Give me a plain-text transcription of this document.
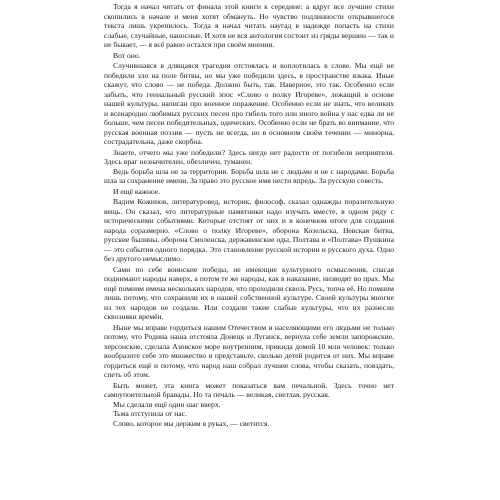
Тогда я начал читать от финала этой книги к середине: а вдруг все лучшие стихи скопились в начале и меня хотят обмануть. Но чувство подлинности открывшегося текста лишь укрепилось. Тогда я начал читать наугад в надежде попасть на стихи слабые, случайные, наносные. И хотя не вся антология состоит из гряды вершин — так и не бывает, — я всё равно остался при своём мнении.

Вот оно.

Случившаяся в длящаяся трагедия отстоялась и воплотилась в слове. Мы ещё не победили зло на поле битвы, но мы уже победили здесь, в пространстве языка. Иные скажут, что слово — не победа. Должно быть, так. Наверное, это так. Особенно если забыть, что гениальный русский эпос «Слово о полку Игореве», лежащий в основе нашей культуры, написан про военное поражение. Особенно если не знать, что великих и всенародно любимых русских песен про гибель того или иного война у нас едва ли не больше, чем песен победительных, одических. Особенно если не брать во внимание, что русская военная поэзия — пусть не всегда, но в основном своём течении — минорна, сострадательна, даже скорбна.

Знаете, отчего мы уже победили? Здесь нигде нет радости от погибели неприятеля. Здесь враг незначителен, обезличен, туманен.

Ведь борьба шла не за территории. Борьба шла не с людьми и не с народами. Борьба шла за сохранение имени. За право это русское имя нести впредь. За русскую совесть.

И ещё важное.

Вадим Кожинов, литературовед, историк, философ, сказал однажды поразительную вещь. Он сказал, что литературные памятники надо изучать вместе, в одном ряду с историческими событиями. Которые отстоят от них и в конечном итоге для создания народа соразмерно. «Слово о полку Игореве», оборона Козельска, Невская битва, русские былины, оборона Смоленска, державинские оды, Полтава и «Полтава» Пушкина — это события одного порядка. Это становление русской истории и русского духа. Одно без другого немыслимо.

Сами по себе воинские победы, не имеющие культурного осмысления, спасая поднимают народы наверх, а потом те же народы, как в наказание, низводят во прах. Мы ещё помним имена нескольких народов, что проходили сквозь Русь, топча её. Но помним лишь потому, что сохранили их в нашей собственной культуре. Своей культуры многие из тех народов не создали. Или создали такие слабые культуры, что их разнесли сквозняки времён.

Ныне мы вправе гордиться нашим Отечеством и населяющими его людьми не только потому, что Родина наша отстояла Донецк и Луганск, вернула себе земли запорожские, херсонские, сделала Азовское море внутренним, прикида домой 10 млн человек: только вообразите себе это множество и представьте, сколько детей родится от них. Мы вправе гордиться ещё и потому, что народ наш собрал лучшие слова, чтобы сказать, повздать, спеть об этом.

Быть может, эта книга может показаться вам печальной. Здесь точно нет самоупоительной бравады. Но та печаль — великая, светлая, русская.

Мы сделали ещё один шаг вверх.

Тьма отступила от нас.

Слово, которое мы держим в руках, — светится.
